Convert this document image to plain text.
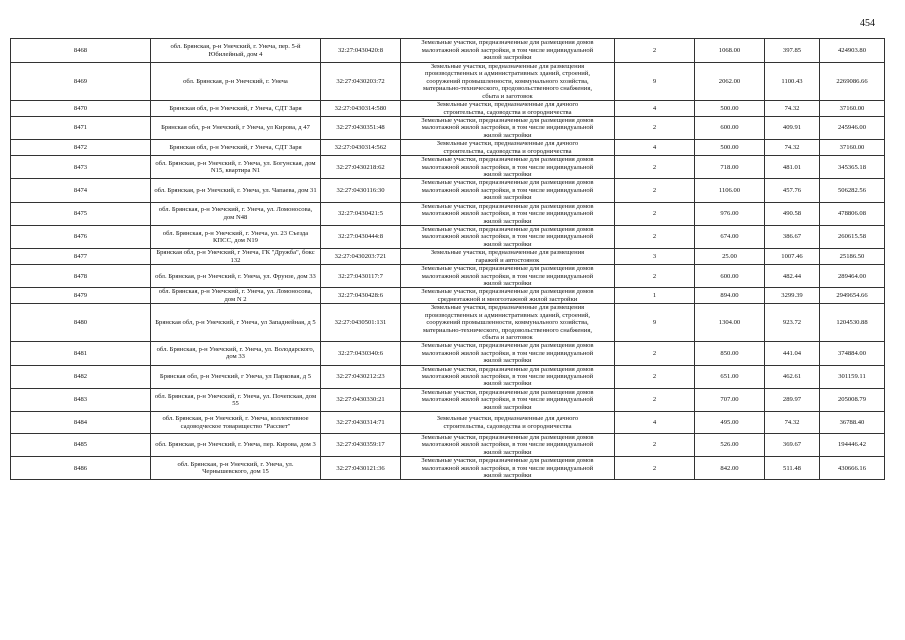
454
8468	обл. Брянская, р-н Унечский, г. Унеча, пер. 5-й Юбилейный, дом 4	32:27:0430420:8	Земельные участки, предназначенные для размещения домов
малоэтажной жилой застройки, в том числе индивидуальной
жилой застройки	2	1068.00	397.85	424903.80
8469	обл. Брянская, р-н Унечский, г. Унеча	32:27:0430203:72	Земельные участки, предназначенные для размещения
производственных и административных зданий, строений,
сооружений промышленности, коммунального хозяйства,
материально-технического, продовольственного снабжения,
сбыта и заготовок	9	2062.00	1100.43	2269086.66
8470	Брянская обл, р-н Унечский, г Унеча, СДТ Заря	32:27:0430314:580	Земельные участки, предназначенные для дачного
строительства, садоводства и огородничества	4	500.00	74.32	37160.00
8471	Брянская обл, р-н Унечский, г Унеча, ул Кирова, д 47	32:27:0430351:48	Земельные участки, предназначенные для размещения домов
малоэтажной жилой застройки, в том числе индивидуальной
жилой застройки	2	600.00	409.91	245946.00
8472	Брянская обл, р-н Унечский, г Унеча, СДТ Заря	32:27:0430314:562	Земельные участки, предназначенные для дачного
строительства, садоводства и огородничества	4	500.00	74.32	37160.00
8473	обл. Брянская, р-н Унечский, г. Унеча, ул. Богунская, дом N15, квартира N1	32:27:0430218:62	Земельные участки, предназначенные для размещения домов
малоэтажной жилой застройки, в том числе индивидуальной
жилой застройки	2	718.00	481.01	345365.18
8474	обл. Брянская, р-н Унечский, г. Унеча, ул. Чапаева, дом 31	32:27:0430116:30	Земельные участки, предназначенные для размещения домов
малоэтажной жилой застройки, в том числе индивидуальной
жилой застройки	2	1106.00	457.76	506282.56
8475	обл. Брянская, р-н Унечский, г. Унеча, ул. Ломоносова, дом N48	32:27:0430421:5	Земельные участки, предназначенные для размещения домов
малоэтажной жилой застройки, в том числе индивидуальной
жилой застройки	2	976.00	490.58	478806.08
8476	обл. Брянская, р-н Унечский, г. Унеча, ул. 23 Съезда КПСС, дом N19	32:27:0430444:8	Земельные участки, предназначенные для размещения домов
малоэтажной жилой застройки, в том числе индивидуальной
жилой застройки	2	674.00	386.67	260615.58
8477	Брянская обл, р-н Унечский, г Унеча, ГК "Дружба", бокс 132	32:27:0430203:721	Земельные участки, предназначенные для размещения
гаражей и автостоянок	3	25.00	1007.46	25186.50
8478	обл. Брянская, р-н Унечский, г. Унеча, ул. Фрунзе, дом 33	32:27:0430117:7	Земельные участки, предназначенные для размещения домов
малоэтажной жилой застройки, в том числе индивидуальной
жилой застройки	2	600.00	482.44	289464.00
8479	обл. Брянская, р-н Унечский, г. Унеча, ул. Ломоносова, дом N 2	32:27:0430428:6	Земельные участки, предназначенные для размещения домов
среднеэтажной и многоэтажной жилой застройки	1	894.00	3299.39	2949654.66
8480	Брянская обл, р-н Унечский, г Унеча, ул Западнейная, д 5	32:27:0430501:131	Земельные участки, предназначенные для размещения
производственных и административных зданий, строений,
сооружений промышленности, коммунального хозяйства,
материально-технического, продовольственного снабжения,
сбыта и заготовок	9	1304.00	923.72	1204530.88
8481	обл. Брянская, р-н Унечский, г. Унеча, ул. Володарского, дом 33	32:27:0430340:6	Земельные участки, предназначенные для размещения домов
малоэтажной жилой застройки, в том числе индивидуальной
жилой застройки	2	850.00	441.04	374884.00
8482	Брянская обл, р-н Унечский, г Унеча, ул Парковая, д 5	32:27:0430212:23	Земельные участки, предназначенные для размещения домов
малоэтажной жилой застройки, в том числе индивидуальной
жилой застройки	2	651.00	462.61	301159.11
8483	обл. Брянская, р-н Унечский, г. Унеча, ул. Почепская, дом 55	32:27:0430330:21	Земельные участки, предназначенные для размещения домов
малоэтажной жилой застройки, в том числе индивидуальной
жилой застройки	2	707.00	289.97	205008.79
8484	обл. Брянская, р-н Унечский, г. Унеча, коллективное садоводческое товарищество "Рассвет"	32:27:0430314:71	Земельные участки, предназначенные для дачного
строительства, садоводства и огородничества	4	495.00	74.32	36788.40
8485	обл. Брянская, р-н Унечский, г. Унеча, пер. Кирова, дом 3	32:27:0430359:17	Земельные участки, предназначенные для размещения домов
малоэтажной жилой застройки, в том числе индивидуальной
жилой застройки	2	526.00	369.67	194446.42
8486	обл. Брянская, р-н Унечский, г. Унеча, ул. Чернышевского, дом 15	32:27:0430121:36	Земельные участки, предназначенные для размещения домов
малоэтажной жилой застройки, в том числе индивидуальной
жилой застройки	2	842.00	511.48	430666.16
